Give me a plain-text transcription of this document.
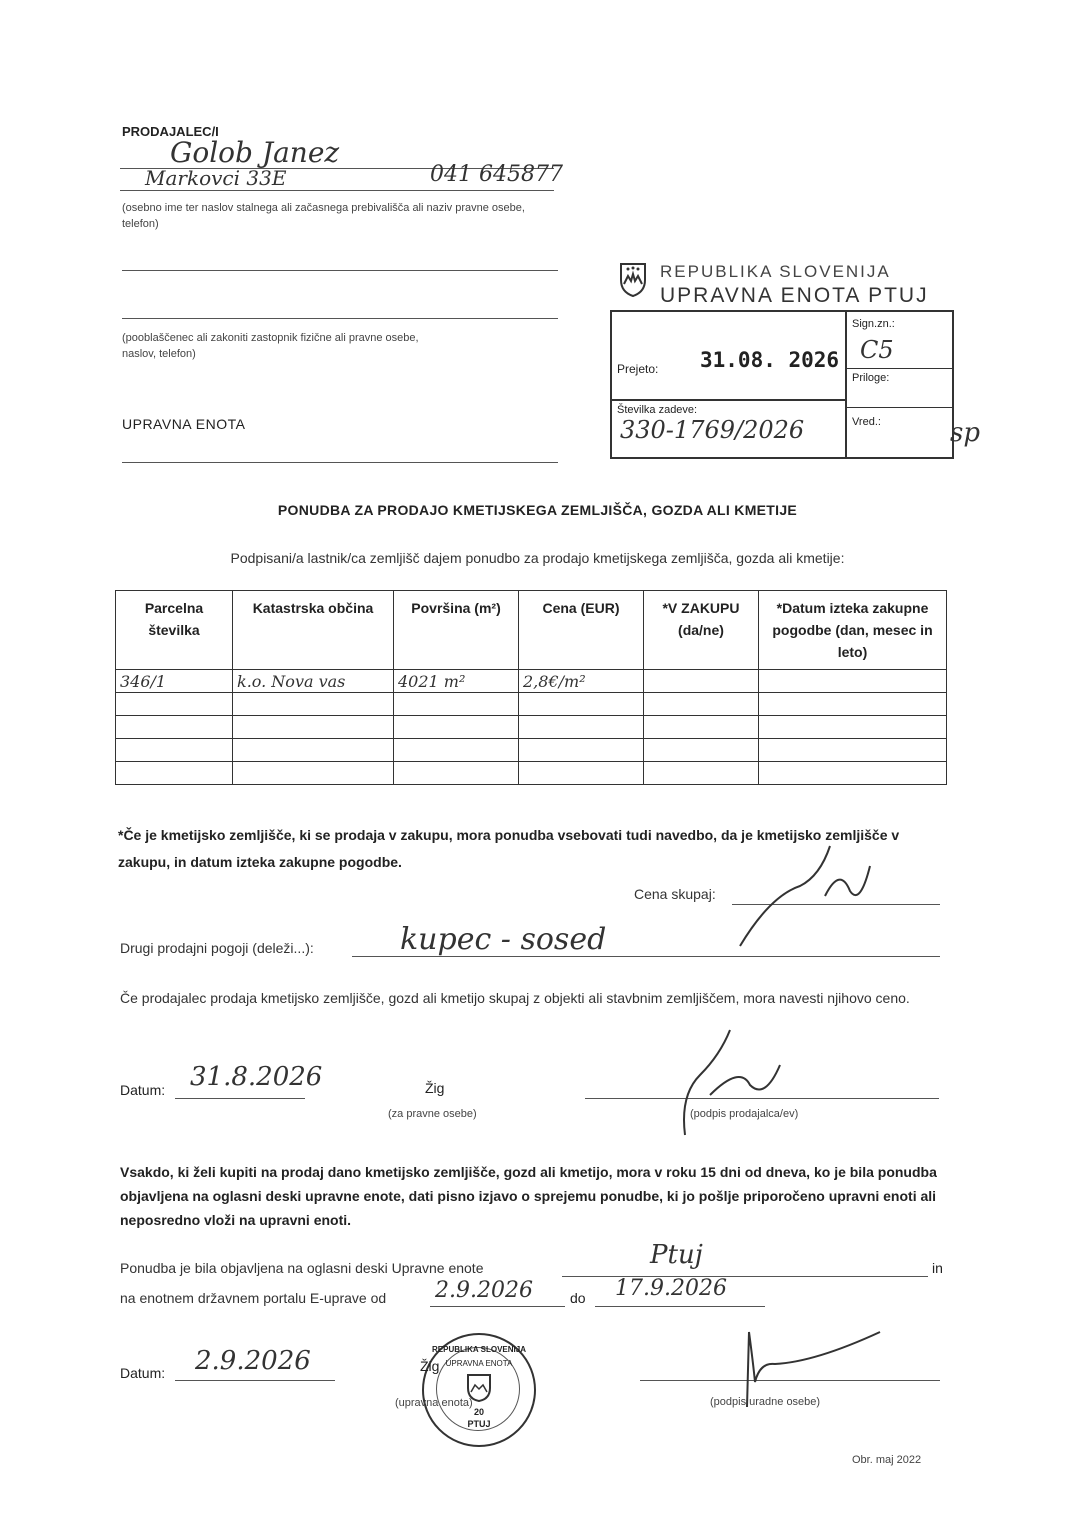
PRODAJALEC/I
Golob Janez
Markovci 33E	041 645877
(osebno ime ter naslov stalnega ali začasnega prebivališča ali naziv pravne osebe, telefon)
(pooblaščenec ali zakoniti zastopnik fizične ali pravne osebe, naslov, telefon)
UPRAVNA ENOTA
REPUBLIKA SLOVENIJA
UPRAVNA ENOTA PTUJ
Prejeto: 31.08. 2026
Številka zadeve:
330-1769/2026
Sign.zn.:
C5
Priloge:
Vred.:	sp
PONUDBA ZA PRODAJO KMETIJSKEGA ZEMLJIŠČA, GOZDA ALI KMETIJE
Podpisani/a lastnik/ca zemljišč dajem ponudbo za prodajo kmetijskega zemljišča, gozda ali kmetije:
Parcelna številka	Katastrska občina	Površina (m²)	Cena (EUR)	*V ZAKUPU (da/ne)	*Datum izteka zakupne pogodbe (dan, mesec in leto)
346/1	k.o. Nova vas	4021 m²	2,8€/m²		

*Če je kmetijsko zemljišče, ki se prodaja v zakupu, mora ponudba vsebovati tudi navedbo, da je kmetijsko zemljišče v zakupu, in datum izteka zakupne pogodbe.
Cena skupaj:
Drugi prodajni pogoji (deleži...):	kupec - sosed
Če prodajalec prodaja kmetijsko zemljišče, gozd ali kmetijo skupaj z objekti ali stavbnim zemljiščem, mora navesti njihovo ceno.
Datum: 31.8.2026	Žig
(za pravne osebe)	(podpis prodajalca/ev)
Vsakdo, ki želi kupiti na prodaj dano kmetijsko zemljišče, gozd ali kmetijo, mora v roku 15 dni od dneva, ko je bila ponudba objavljena na oglasni deski upravne enote, dati pisno izjavo o sprejemu ponudbe, ki jo pošlje priporočeno upravni enoti ali neposredno vloži na upravni enoti.
Ponudba je bila objavljena na oglasni deski Upravne enote	Ptuj	in
na enotnem državnem portalu E-uprave od 2.9.2026	do 17.9.2026
Datum: 2.9.2026	REPUBLIKA SLOVENIJA
UPRAVNA ENOTA
20
PTUJ
Žig
(upravna enota)	(podpis uradne osebe)
Obr. maj 2022
